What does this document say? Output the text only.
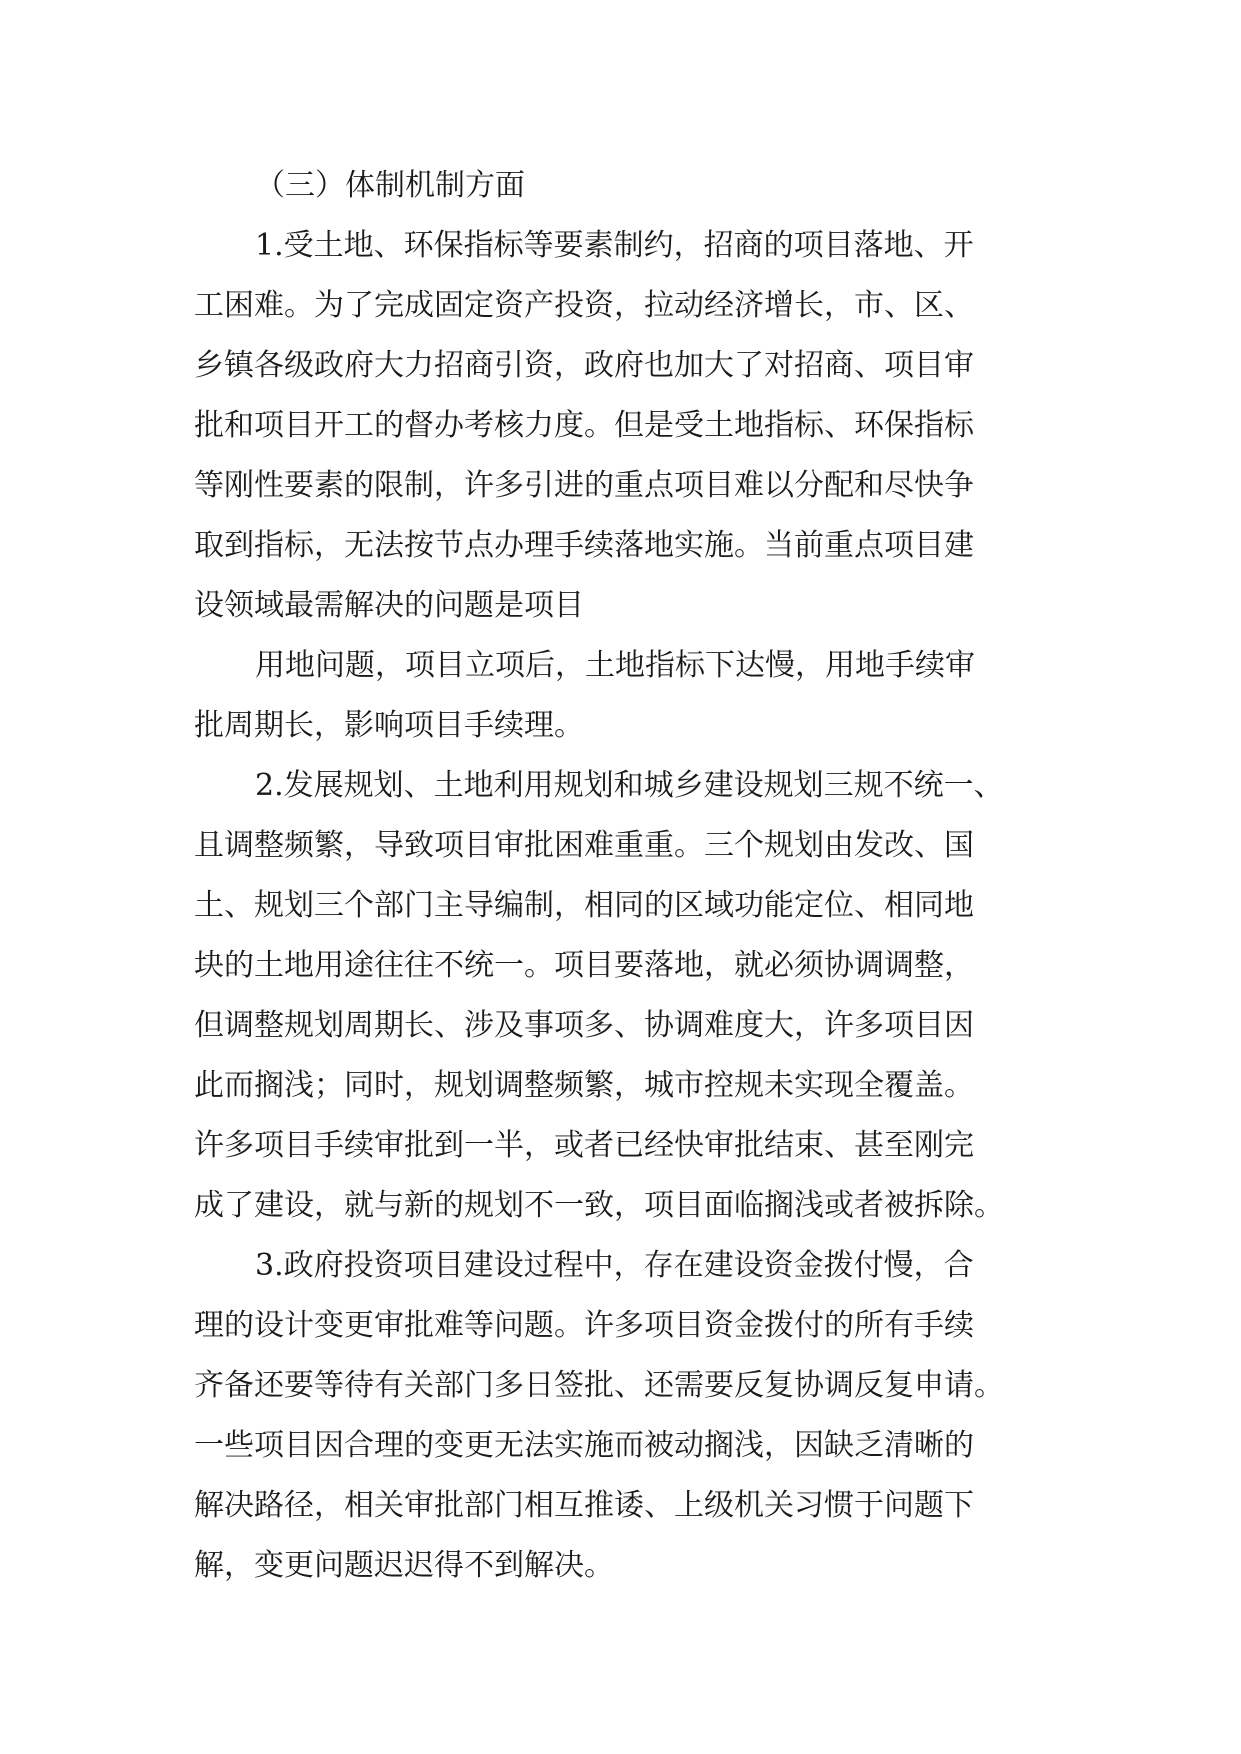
（三）体制机制方面

1.受土地、环保指标等要素制约，招商的项目落地、开

工困难。为了完成固定资产投资，拉动经济增长，市、区、

乡镇各级政府大力招商引资，政府也加大了对招商、项目审

批和项目开工的督办考核力度。但是受土地指标、环保指标

等刚性要素的限制，许多引进的重点项目难以分配和尽快争

取到指标，无法按节点办理手续落地实施。当前重点项目建

设领域最需解决的问题是项目

用地问题，项目立项后，土地指标下达慢，用地手续审

批周期长，影响项目手续理。

2.发展规划、土地利用规划和城乡建设规划三规不统一、

且调整频繁，导致项目审批困难重重。三个规划由发改、国

土、规划三个部门主导编制，相同的区域功能定位、相同地

块的土地用途往往不统一。项目要落地，就必须协调调整，

但调整规划周期长、涉及事项多、协调难度大，许多项目因

此而搁浅；同时，规划调整频繁，城市控规未实现全覆盖。

许多项目手续审批到一半，或者已经快审批结束、甚至刚完

成了建设，就与新的规划不一致，项目面临搁浅或者被拆除。

3.政府投资项目建设过程中，存在建设资金拨付慢，合

理的设计变更审批难等问题。许多项目资金拨付的所有手续

齐备还要等待有关部门多日签批、还需要反复协调反复申请。

一些项目因合理的变更无法实施而被动搁浅，因缺乏清晰的

解决路径，相关审批部门相互推诿、上级机关习惯于问题下

解，变更问题迟迟得不到解决。
